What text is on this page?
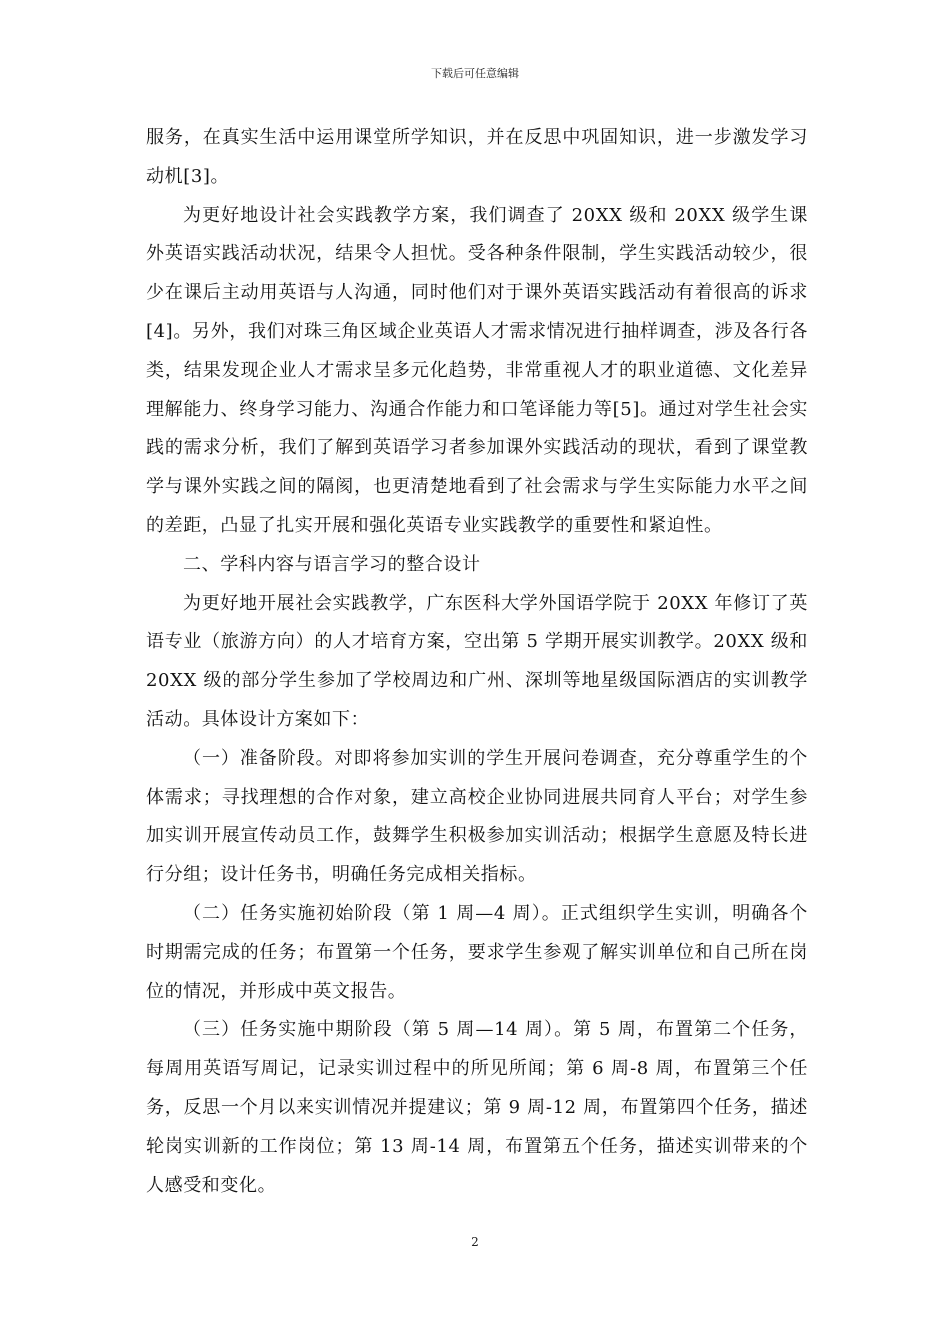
下载后可任意编辑

服务，在真实生活中运用课堂所学知识，并在反思中巩固知识，进一步激发学习动机[3]。

为更好地设计社会实践教学方案，我们调查了 20XX 级和 20XX 级学生课外英语实践活动状况，结果令人担忧。受各种条件限制，学生实践活动较少，很少在课后主动用英语与人沟通，同时他们对于课外英语实践活动有着很高的诉求[4]。另外，我们对珠三角区域企业英语人才需求情况进行抽样调查，涉及各行各类，结果发现企业人才需求呈多元化趋势，非常重视人才的职业道德、文化差异理解能力、终身学习能力、沟通合作能力和口笔译能力等[5]。通过对学生社会实践的需求分析，我们了解到英语学习者参加课外实践活动的现状，看到了课堂教学与课外实践之间的隔阂，也更清楚地看到了社会需求与学生实际能力水平之间的差距，凸显了扎实开展和强化英语专业实践教学的重要性和紧迫性。

二、学科内容与语言学习的整合设计

为更好地开展社会实践教学，广东医科大学外国语学院于 20XX 年修订了英语专业（旅游方向）的人才培育方案，空出第 5 学期开展实训教学。20XX 级和 20XX 级的部分学生参加了学校周边和广州、深圳等地星级国际酒店的实训教学活动。具体设计方案如下：

（一）准备阶段。对即将参加实训的学生开展问卷调查，充分尊重学生的个体需求；寻找理想的合作对象，建立高校企业协同进展共同育人平台；对学生参加实训开展宣传动员工作，鼓舞学生积极参加实训活动；根据学生意愿及特长进行分组；设计任务书，明确任务完成相关指标。

（二）任务实施初始阶段（第 1 周—4 周）。正式组织学生实训，明确各个时期需完成的任务；布置第一个任务，要求学生参观了解实训单位和自己所在岗位的情况，并形成中英文报告。

（三）任务实施中期阶段（第 5 周—14 周）。第 5 周，布置第二个任务，每周用英语写周记，记录实训过程中的所见所闻；第 6 周-8 周，布置第三个任务，反思一个月以来实训情况并提建议；第 9 周-12 周，布置第四个任务，描述轮岗实训新的工作岗位；第 13 周-14 周，布置第五个任务，描述实训带来的个人感受和变化。

2
